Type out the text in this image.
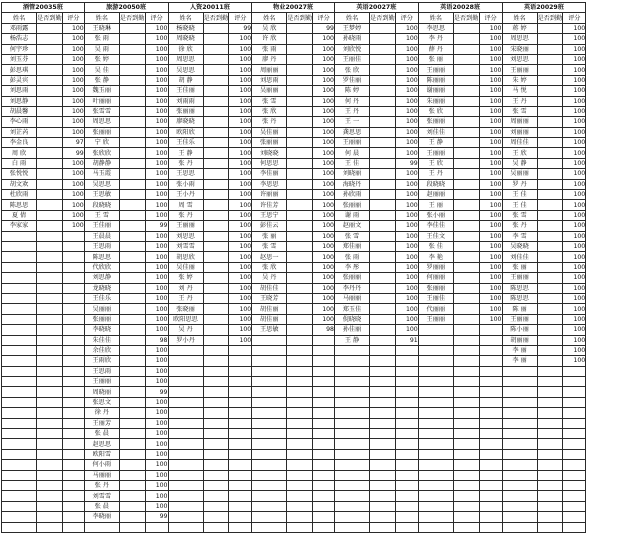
酒管20035班			旅游20050班			人资20011班			物业20027班			英语20027班			英语20028班			英语20029班		
姓名	是否到勤	评分	姓名	是否到勤	评分	姓名	是否到勤	评分	姓名	是否到勤	评分	姓名	是否到勤	评分	姓名	是否到勤	评分	姓名	是否到勤	评分
邓雨露		100	王晓琳		100	杨晓晓		99	吴 欣		99	王梦婷		100	李思思		100	蒋 婷		100
杨浩志		100	张 雨		100	周晓晓		100	许 欣		100	孙晓雨		100	李 丹		100	周思思		100
何宇珍		100	吴 雨		100	徐 欣		100	张 雨		100	刘欣悦		100	薛 丹		100	宋晓丽		100
刘玉芬		100	张 婷		100	周思思		100	廖 丹		100	王丽佳		100	张 丽		100	刘思思		100
彭思琪		100	吴 佳		100	吴思思		100	周丽丽		100	张 欣		100	王丽丽		100	王丽丽		100
彭灵宾		100	张 静		100	胡 静		100	刘思雨		100	罗佳丽		100	陈丽丽		100	朱 婷		100
刘思雨		100	魏玉丽		100	王佳丽		100	吴丽丽		100	陈 婷		100	谢丽丽		100	马 悦		100
刘思静		100	叶丽丽		100	刘雨雨		100	张 雪		100	何 丹		100	朱丽丽		100	王 丹		100
胡晨馨		100	张雪雪		100	张丽丽		100	张 欣		100	王 丹		100	张 欣		100	张 雪		100
李心雨		100	周思思		100	廖晓晓		100	张 丹		100	王 一		100	张丽丽		100	周丽丽		100
刘芷芮		100	张丽丽		100	欧阳欣		100	吴佳丽		100	龚思思		100	刘佳佳		100	刘丽丽		100
李金良		97	宁 欣		100	王佳乐		100	张丽丽		100	王丽丽		100	王 静		100	周佳佳		100
周 欣		99	张欣欣		100	王 静		100	刘晓晓		100	何 晨		100	王丽丽		100	王 欣		100
白 雨		100	胡静静		100	张 丹		100	何思思		100	王 佳		99	王 欣		100	吴 静		100
张悦悦		100	马玉霞		100	王思思		100	李佳丽		100	刘晓丽		100	王 丹		100	吴丽丽		100
胡文欢		100	吴思思		100	张小雨		100	李思思		100	海晓丹		100	段晓晓		100	罗 丹		100
杜欣雨		100	王思敏		100	王小丹		100	许丽丽		100	孙欣雨		100	赵丽丽		100	王 佳		100
陈思思		100	段晓晓		100	周 雪		100	许佳芳		100	张丽丽		100	王 丽		100	王 佳		100
夏 倩		100	王 雪		100	张 丹		100	王思宁		100	谢 雨		100	张小丽		100	张 雪		100
李家家		100	王佳丽		99	王丽丽		100	彭佳云		100	赵丽文		100	李佳佳		100	张 丹		100
			王晨晨		100	刘思思		100	张 丽		100	张 雪		100	王佳文		100	李 雪		100
			王思雨		100	刘雪雪		100	张 雪		100	郑佳丽		100	张 佳		100	吴晓晓		100
			陈思思		100	胡思欣		100	赵思一		100	张 雨		100	李 艳		100	刘佳佳		100
			代欣欣		100	吴佳丽		100	张 欣		100	李 彤		100	罗丽丽		100	张 丽		100
			刘思静		100	张 婷		100	吴 丹		100	张丽丽		100	何丽丽		100	王丽丽		100
			龙晓晓		100	刘 丹		100	胡佳佳		100	李丹丹		100	张丽丽		100	陈思思		100
			王佳乐		100	王 丹		100	王晓芳		100	马丽丽		100	王丽佳		100	陈思思		100
			吴丽丽		100	张晓丽		100	胡佳丽		100	郑玉佳		100	代丽丽		100	陈 丽		100
			张丽丽		100	欧阳思思		100	胡佳丽		100	倪晓晓		100	王丽丽		100	王丽丽		100
			李晓晓		100	吴 丹		100	王思敏		98	孙佳丽		100				陈小丽		100
			朱佳佳		98	罗小丹		100				王 静		91				胡丽丽		100
			余佳欣		100													李 丽		100
			王雨欣		100													李 丽		100
			王思雨		100															
			王丽丽		100															
			周晓丽		99															
			张思文		100															
			徐 丹		100															
			王丽芳		100															
			张 晨		100															
			赵思思		100															
			欧阳雪		100															
			何小雨		100															
			马丽丽		100															
			张 丹		100															
			刘雪雪		100															
			张 晨		100															
			李晓丽		99															
